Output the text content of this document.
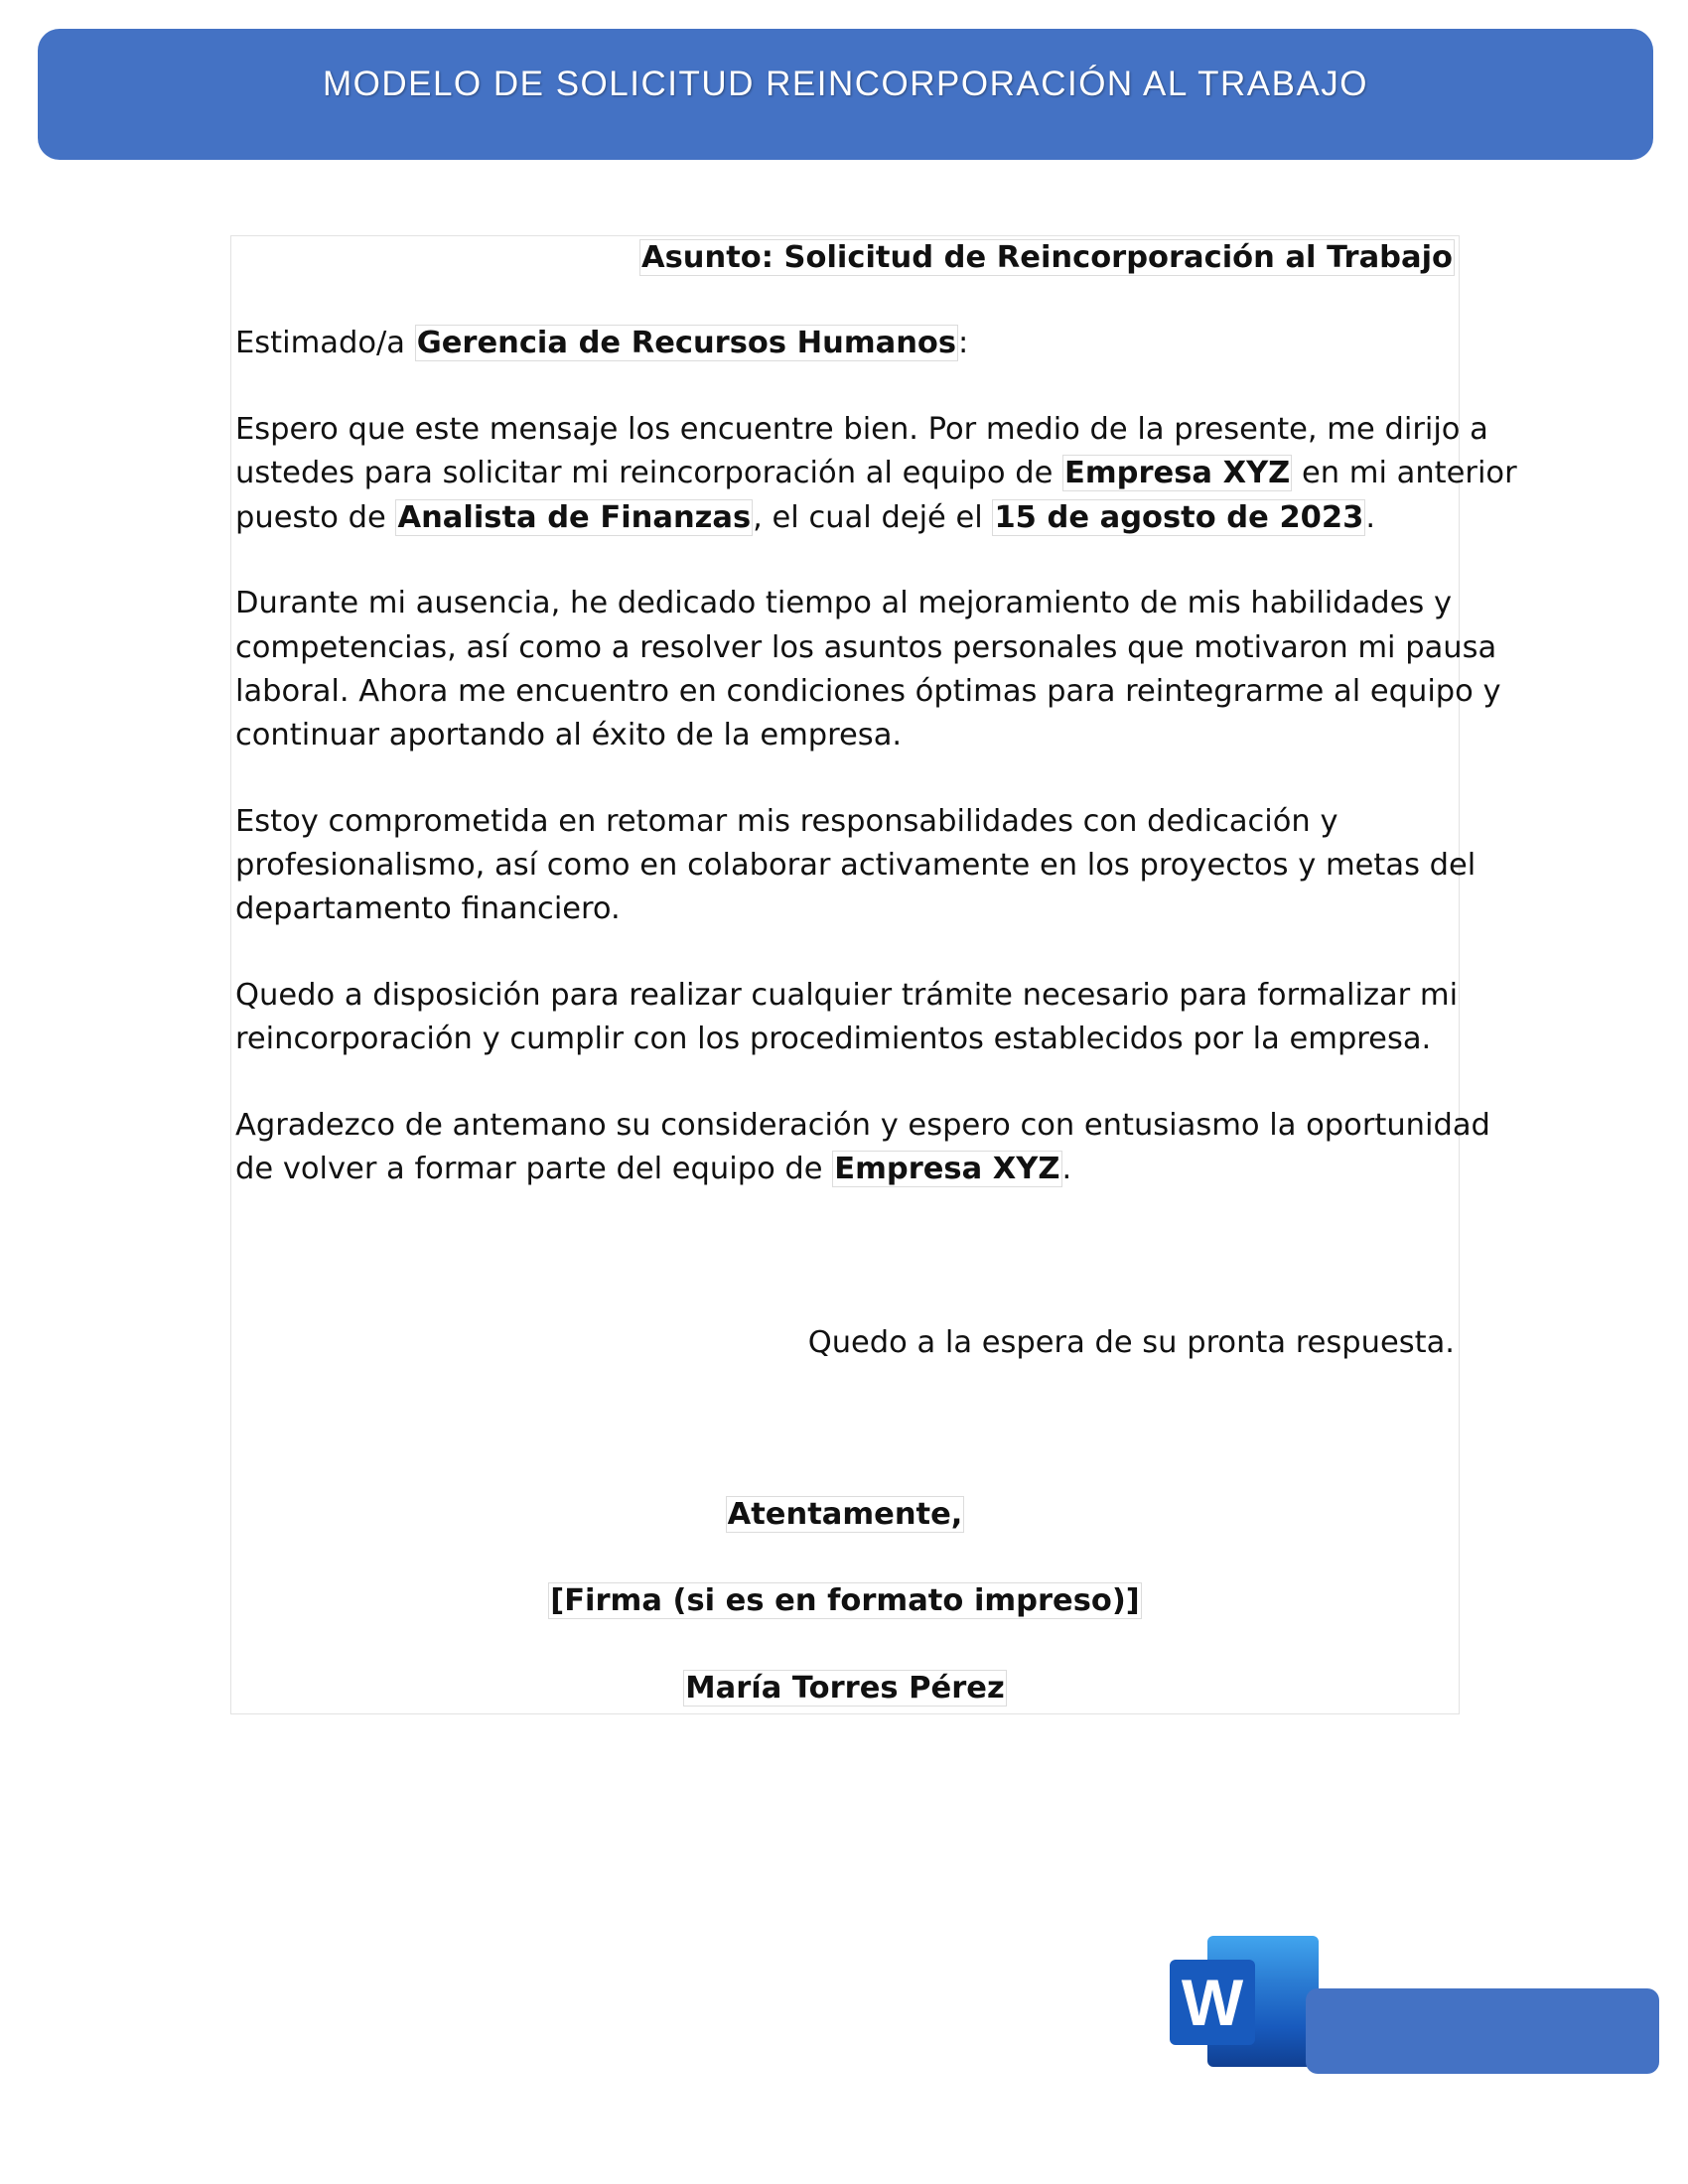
MODELO DE SOLICITUD REINCORPORACIÓN AL TRABAJO
Asunto: Solicitud de Reincorporación al Trabajo
Estimado/a Gerencia de Recursos Humanos:
Espero que este mensaje los encuentre bien. Por medio de la presente, me dirijo a
ustedes para solicitar mi reincorporación al equipo de Empresa XYZ en mi anterior
puesto de Analista de Finanzas, el cual dejé el 15 de agosto de 2023.
Durante mi ausencia, he dedicado tiempo al mejoramiento de mis habilidades y
competencias, así como a resolver los asuntos personales que motivaron mi pausa
laboral. Ahora me encuentro en condiciones óptimas para reintegrarme al equipo y
continuar aportando al éxito de la empresa.
Estoy comprometida en retomar mis responsabilidades con dedicación y
profesionalismo, así como en colaborar activamente en los proyectos y metas del
departamento financiero.
Quedo a disposición para realizar cualquier trámite necesario para formalizar mi
reincorporación y cumplir con los procedimientos establecidos por la empresa.
Agradezco de antemano su consideración y espero con entusiasmo la oportunidad
de volver a formar parte del equipo de Empresa XYZ.
Quedo a la espera de su pronta respuesta.
Atentamente,
[Firma (si es en formato impreso)]
María Torres Pérez
W
